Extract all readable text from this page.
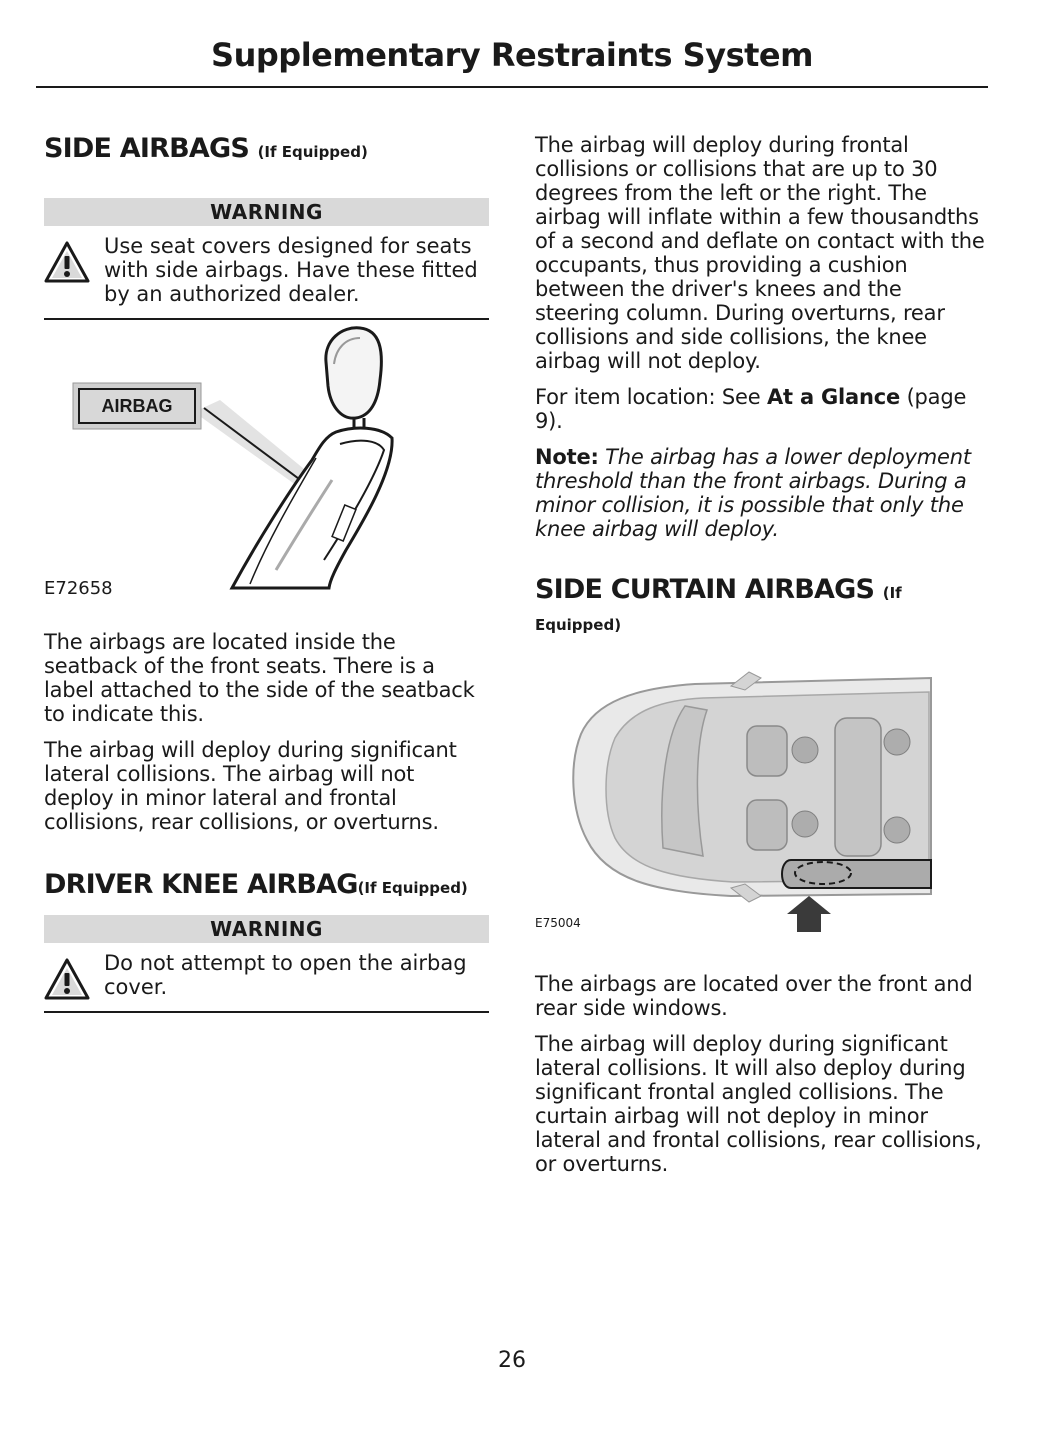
Supplementary Restraints System
SIDE AIRBAGS (If Equipped)
WARNING
Use seat covers designed for seats with side airbags. Have these fitted by an authorized dealer.
AIRBAG
E72658

The airbags are located inside the seatback of the front seats. There is a label attached to the side of the seatback to indicate this.

The airbag will deploy during significant lateral collisions. The airbag will not deploy in minor lateral and frontal collisions, rear collisions, or overturns.

DRIVER KNEE AIRBAG(If Equipped)
WARNING
Do not attempt to open the airbag cover.

The airbag will deploy during frontal collisions or collisions that are up to 30 degrees from the left or the right. The airbag will inflate within a few thousandths of a second and deflate on contact with the occupants, thus providing a cushion between the driver's knees and the steering column. During overturns, rear collisions and side collisions, the knee airbag will not deploy.

For item location: See At a Glance (page 9).

Note: The airbag has a lower deployment threshold than the front airbags. During a minor collision, it is possible that only the knee airbag will deploy.

SIDE CURTAIN AIRBAGS (If

Equipped)

E75004

The airbags are located over the front and rear side windows.

The airbag will deploy during significant lateral collisions. It will also deploy during significant frontal angled collisions. The curtain airbag will not deploy in minor lateral and frontal collisions, rear collisions, or overturns.

26
